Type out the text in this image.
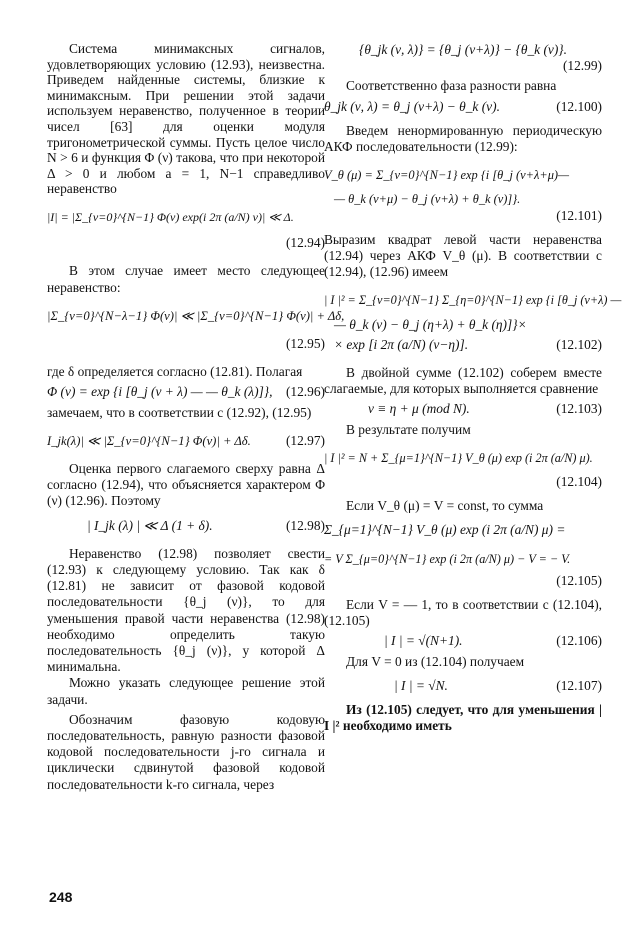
Система минимаксных сигналов, удовлетворяющих условию (12.93), неизвестна. Приведем найденные системы, близкие к минимаксным. При решении этой задачи используем неравенство, полученное в теории чисел [63] для оценки модуля тригонометрической суммы. Пусть целое число N > 6 и функция Φ (ν) такова, что при некоторой Δ > 0 и любом a = 1, N−1 справедливо неравенство

|I| = |Σ_{ν=0}^{N−1} Φ(ν) exp(i 2π (a/N) ν)| ≪ Δ.
(12.94)

В этом случае имеет место следующее неравенство:

|Σ_{ν=0}^{N−λ−1} Φ(ν)| ≪ |Σ_{ν=0}^{N−1} Φ(ν)| + Δδ,
(12.95)

где δ определяется согласно (12.81). Полагая

Φ (ν) = exp {i [θ_j (ν + λ) — — θ_k (λ)]}, (12.96)

замечаем, что в соответствии с (12.92), (12.95)

I_jk(λ)| ≪ |Σ_{ν=0}^{N−1} Φ(ν)| + Δδ.	(12.97)

Оценка первого слагаемого сверху равна Δ согласно (12.94), что объясняется характером Φ (ν) (12.96). Поэтому

| I_jk (λ) | ≪ Δ (1 + δ).	(12.98)

Неравенство (12.98) позволяет свести (12.93) к следующему условию. Так как δ (12.81) не зависит от фазовой кодовой последовательности {θ_j (ν)}, то для уменьшения правой части неравенства (12.98) необходимо определить такую последовательность {θ_j (ν)}, у которой Δ минимальна.

Можно указать следующее решение этой задачи.

Обозначим фазовую кодовую последовательность, равную разности фазовой кодовой последовательности j-го сигнала и циклически сдвинутой фазовой кодовой последовательности k-го сигнала, через

248
{θ_jk (ν, λ)} = {θ_j (ν+λ)} − {θ_k (ν)}.
(12.99)

Соответственно фаза разности равна

θ_jk (ν, λ) = θ_j (ν+λ) − θ_k (ν).	(12.100)

Введем ненормированную периодическую АКФ последовательности (12.99):

V_θ (μ) = Σ_{ν=0}^{N−1} exp {i [θ_j (ν+λ+μ)—
— θ_k (ν+μ) − θ_j (ν+λ) + θ_k (ν)]}.
(12.101)

Выразим квадрат левой части неравенства (12.94) через АКФ V_θ (μ). В соответствии с (12.94), (12.96) имеем

| I |² = Σ_{ν=0}^{N−1} Σ_{η=0}^{N−1} exp {i [θ_j (ν+λ) —
— θ_k (ν) − θ_j (η+λ) + θ_k (η)]}×
× exp [i 2π (a/N) (ν−η)].	(12.102)

В двойной сумме (12.102) соберем вместе слагаемые, для которых выполняется сравнение

ν ≡ η + μ (mod N).	(12.103)

В результате получим

| I |² = N + Σ_{μ=1}^{N−1} V_θ (μ) exp (i 2π (a/N) μ).
(12.104)

Если V_θ (μ) = V = const, то сумма

Σ_{μ=1}^{N−1} V_θ (μ) exp (i 2π (a/N) μ) =
= V Σ_{μ=0}^{N−1} exp (i 2π (a/N) μ) − V = − V.
(12.105)

Если V = — 1, то в соответствии с (12.104), (12.105)

| I | = √(N+1).	(12.106)

Для V = 0 из (12.104) получаем

| I | = √N.	(12.107)

Из (12.105) следует, что для уменьшения | I |² необходимо иметь
